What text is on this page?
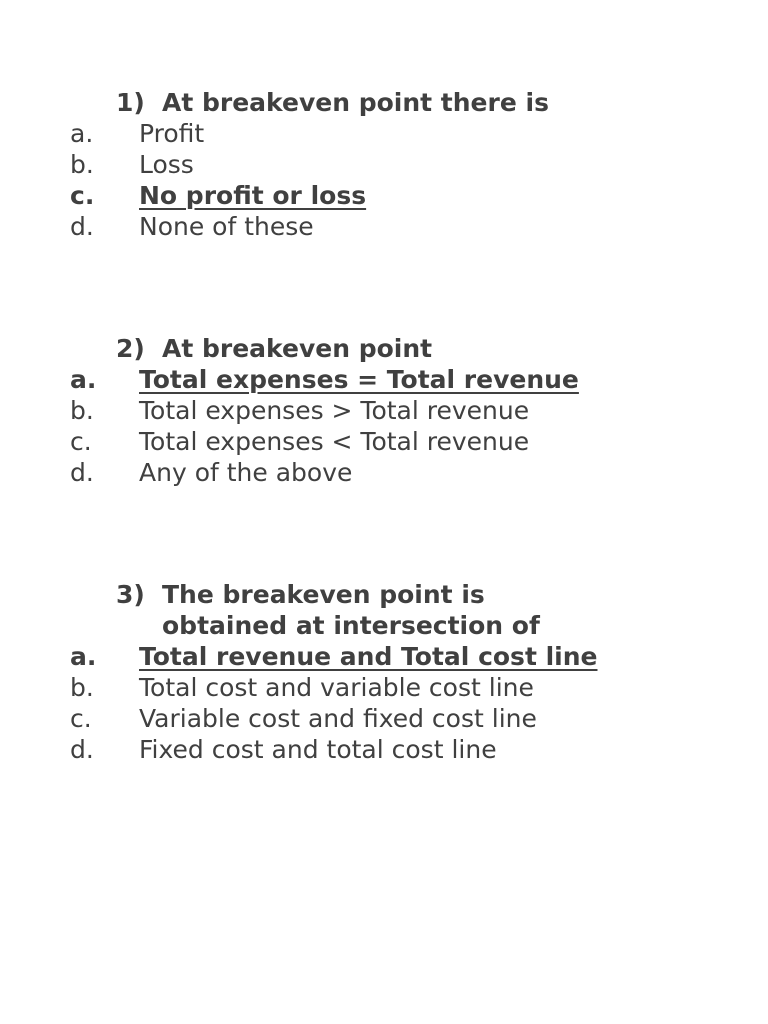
1) At breakeven point there is
a.	Profit
b.	Loss
c.	No profit or loss
d.	None of these
2) At breakeven point
a.	Total expenses = Total revenue
b.	Total expenses > Total revenue
c.	Total expenses < Total revenue
d.	Any of the above
3) The breakeven point is obtained at intersection of
a.	Total revenue and Total cost line
b.	Total cost and variable cost line
c.	Variable cost and fixed cost line
d.	Fixed cost and total cost line
